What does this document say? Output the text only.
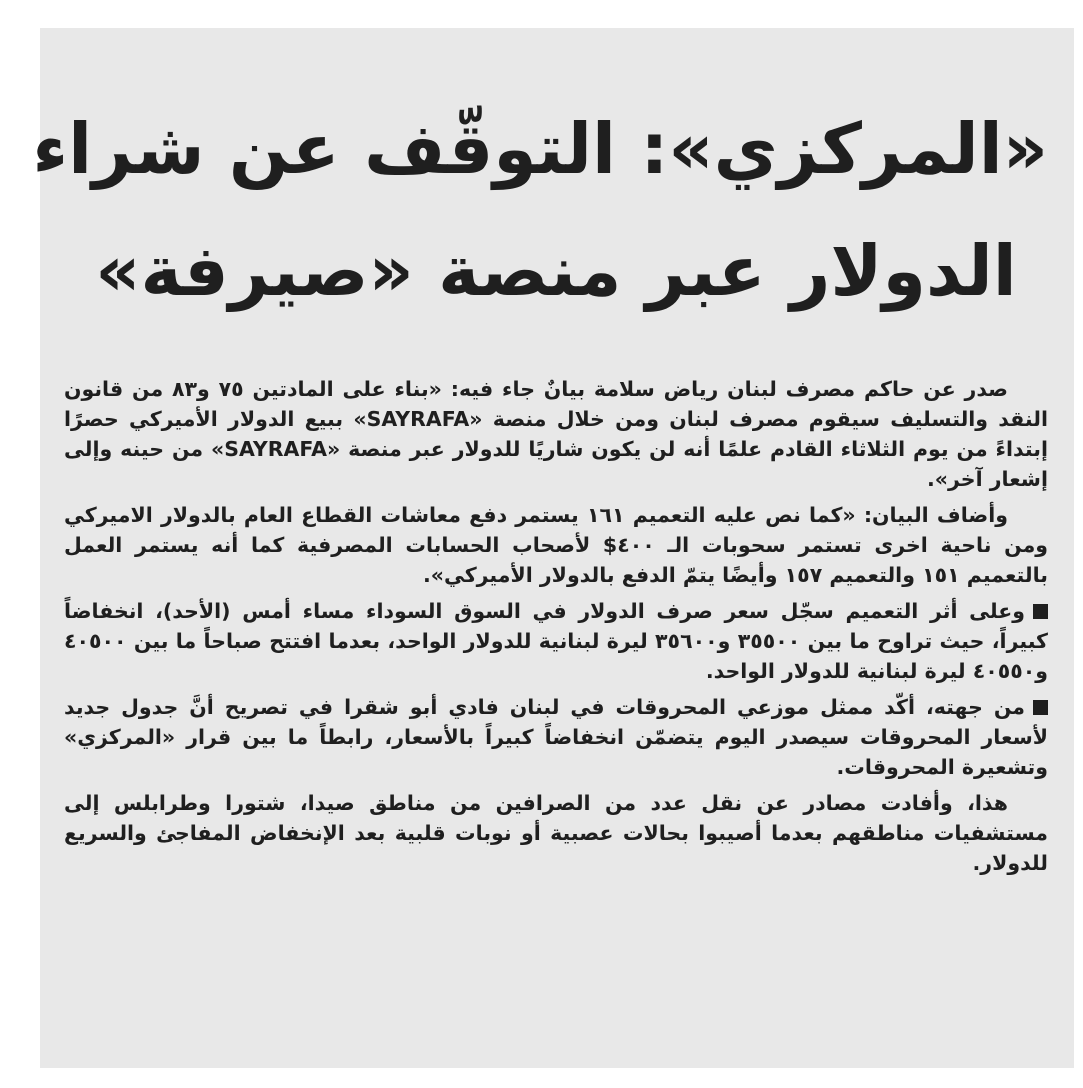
«المركزي»: التوقّف عن شراء
الدولار عبر منصة «صيرفة»

صدر عن حاكم مصرف لبنان رياض سلامة بيانٌ جاء فيه: «بناء على المادتين ٧٥ و٨٣ من قانون النقد والتسليف سيقوم مصرف لبنان ومن خلال منصة «SAYRAFA» ببيع الدولار الأميركي حصرًا إبتداءً من يوم الثلاثاء القادم علمًا أنه لن يكون شاريًا للدولار عبر منصة «SAYRAFA» من حينه وإلى إشعار آخر».

وأضاف البيان: «كما نص عليه التعميم ١٦١ يستمر دفع معاشات القطاع العام بالدولار الاميركي ومن ناحية اخرى تستمر سحوبات الـ ٤٠٠$ لأصحاب الحسابات المصرفية كما أنه يستمر العمل بالتعميم ١٥١ والتعميم ١٥٧ وأيضًا يتمّ الدفع بالدولار الأميركي».

وعلى أثر التعميم سجّل سعر صرف الدولار في السوق السوداء مساء أمس (الأحد)، انخفاضاً كبيراً، حيث تراوح ما بين ٣٥٥٠٠ و٣٥٦٠٠ ليرة لبنانية للدولار الواحد، بعدما افتتح صباحاً ما بين ٤٠٥٠٠ و٤٠٥٥٠ ليرة لبنانية للدولار الواحد.

من جهته، أكّد ممثل موزعي المحروقات في لبنان فادي أبو شقرا في تصريح أنَّ جدول جديد لأسعار المحروقات سيصدر اليوم يتضمّن انخفاضاً كبيراً بالأسعار، رابطاً ما بين قرار «المركزي» وتشعيرة المحروقات.

هذا، وأفادت مصادر عن نقل عدد من الصرافين من مناطق صيدا، شتورا وطرابلس إلى مستشفيات مناطقهم بعدما أصيبوا بحالات عصبية أو نوبات قلبية بعد الإنخفاض المفاجئ والسريع للدولار.
